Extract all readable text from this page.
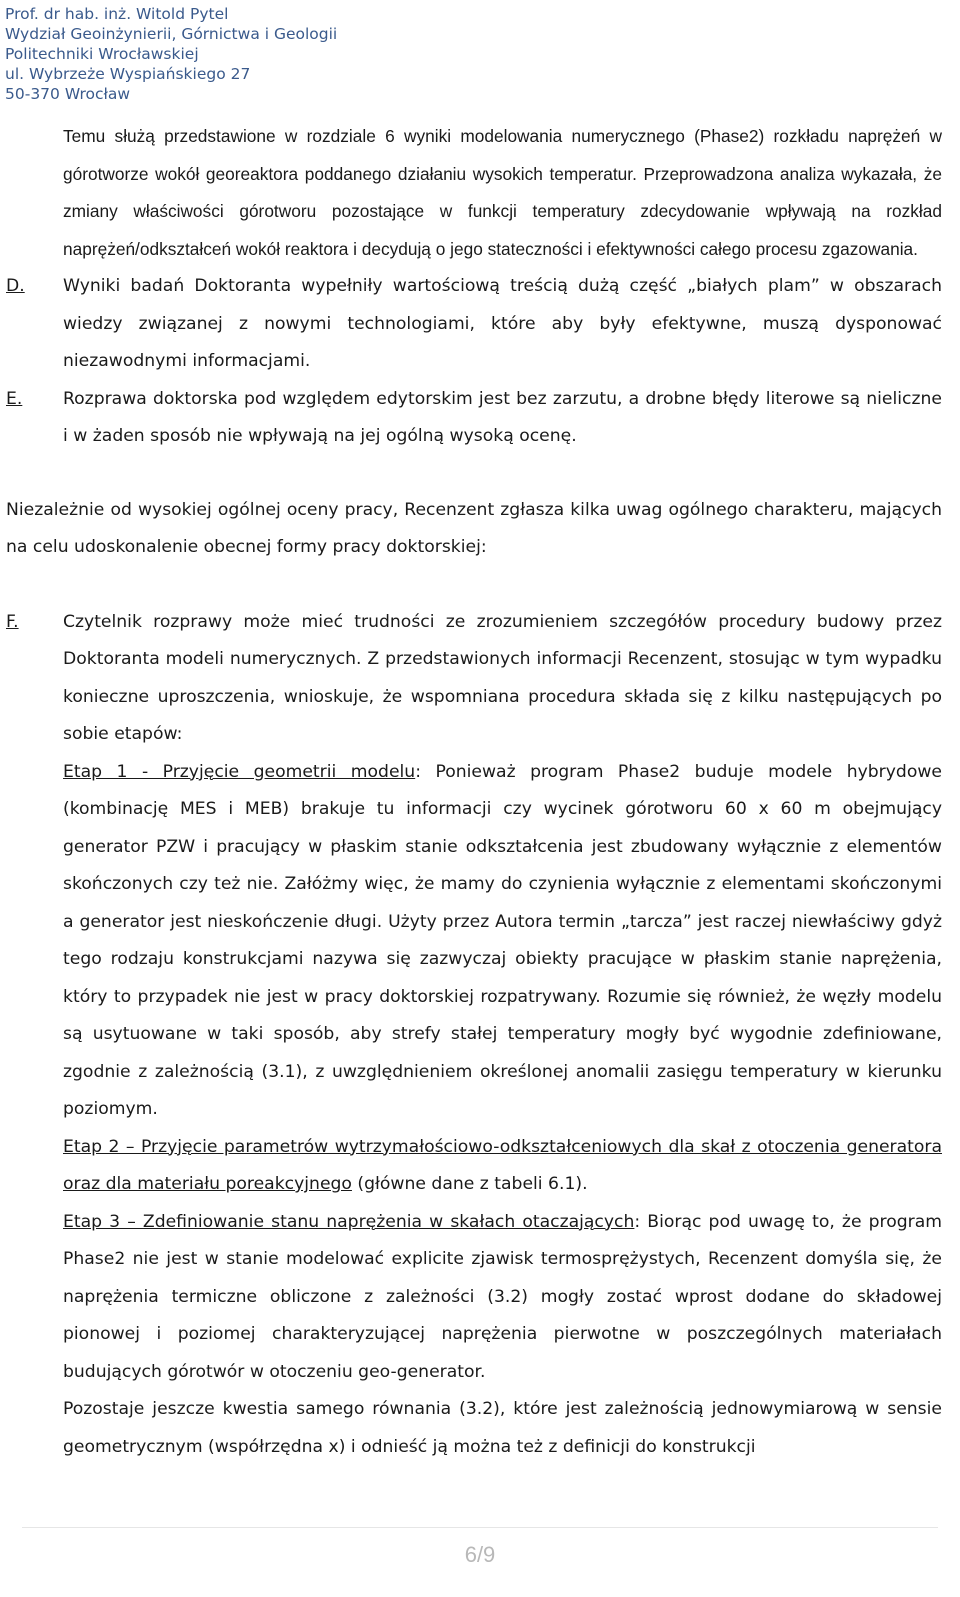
Prof. dr hab. inż. Witold Pytel
Wydział Geoinżynierii, Górnictwa i Geologii
Politechniki Wrocławskiej
ul. Wybrzeże Wyspiańskiego 27
50-370 Wrocław

Temu służą przedstawione w rozdziale 6 wyniki modelowania numerycznego (Phase2) rozkładu naprężeń w górotworze wokół georeaktora poddanego działaniu wysokich temperatur. Przeprowadzona analiza wykazała, że zmiany właściwości górotworu pozostające w funkcji temperatury zdecydowanie wpływają na rozkład naprężeń/odkształceń wokół reaktora i decydują o jego stateczności i efektywności całego procesu zgazowania.

D. Wyniki badań Doktoranta wypełniły wartościową treścią dużą część „białych plam” w obszarach wiedzy związanej z nowymi technologiami, które aby były efektywne, muszą dysponować niezawodnymi informacjami.
E. Rozprawa doktorska pod względem edytorskim jest bez zarzutu, a drobne błędy literowe są nieliczne i w żaden sposób nie wpływają na jej ogólną wysoką ocenę.

Niezależnie od wysokiej ogólnej oceny pracy, Recenzent zgłasza kilka uwag ogólnego charakteru, mających na celu udoskonalenie obecnej formy pracy doktorskiej:

F.	Czytelnik rozprawy może mieć trudności ze zrozumieniem szczegółów procedury budowy przez Doktoranta modeli numerycznych. Z przedstawionych informacji Recenzent, stosując w tym wypadku konieczne uproszczenia, wnioskuje, że wspomniana procedura składa się z kilku następujących po sobie etapów:

Etap 1 - Przyjęcie geometrii modelu: Ponieważ program Phase2 buduje modele hybrydowe (kombinację MES i MEB) brakuje tu informacji czy wycinek górotworu 60 x 60 m obejmujący generator PZW i pracujący w płaskim stanie odkształcenia jest zbudowany wyłącznie z elementów skończonych czy też nie. Załóżmy więc, że mamy do czynienia wyłącznie z elementami skończonymi a generator jest nieskończenie długi. Użyty przez Autora termin „tarcza” jest raczej niewłaściwy gdyż tego rodzaju konstrukcjami nazywa się zazwyczaj obiekty pracujące w płaskim stanie naprężenia, który to przypadek nie jest w pracy doktorskiej rozpatrywany. Rozumie się również, że węzły modelu są usytuowane w taki sposób, aby strefy stałej temperatury mogły być wygodnie zdefiniowane, zgodnie z zależnością (3.1), z uwzględnieniem określonej anomalii zasięgu temperatury w kierunku poziomym.

Etap 2 – Przyjęcie parametrów wytrzymałościowo-odkształceniowych dla skał z otoczenia generatora oraz dla materiału poreakcyjnego (główne dane z tabeli 6.1).

Etap 3 – Zdefiniowanie stanu naprężenia w skałach otaczających: Biorąc pod uwagę to, że program Phase2 nie jest w stanie modelować explicite zjawisk termosprężystych, Recenzent domyśla się, że naprężenia termiczne obliczone z zależności (3.2) mogły zostać wprost dodane do składowej pionowej i poziomej charakteryzującej naprężenia pierwotne w poszczególnych materiałach budujących górotwór w otoczeniu geo-generator.

Pozostaje jeszcze kwestia samego równania (3.2), które jest zależnością jednowymiarową w sensie geometrycznym (współrzędna x) i odnieść ją można też z definicji do konstrukcji

6/9
